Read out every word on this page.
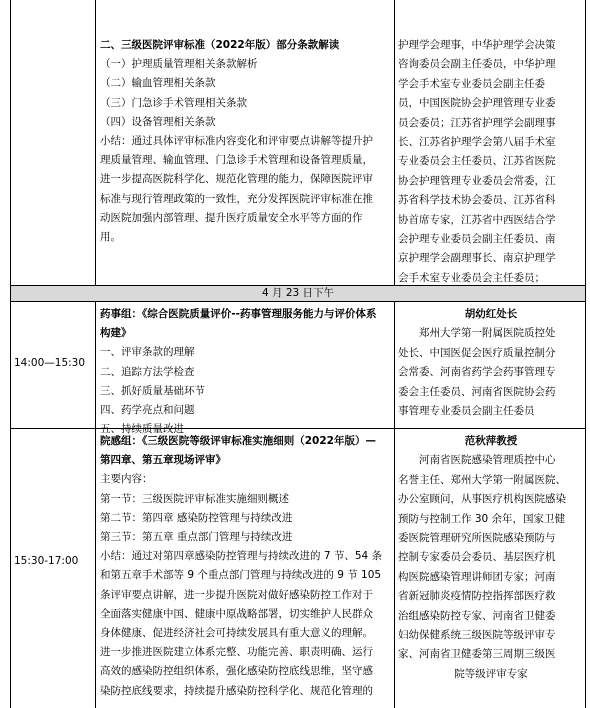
二、三级医院评审标准（2022年版）部分条款解读
（一）护理质量管理相关条款解析
（二）输血管理相关条款
（三）门急诊手术管理相关条款
（四）设备管理相关条款
小结：通过具体评审标准内容变化和评审要点讲解等提升护
理质量管理、输血管理、门急诊手术管理和设备管理质量，
进一步提高医院科学化、规范化管理的能力，保障医院评审
标准与现行管理政策的一致性，充分发挥医院评审标准在推
动医院加强内部管理、提升医疗质量安全水平等方面的作
用。
护理学会理事，中华护理学会决策
咨询委员会副主任委员，中华护理
学会手术室专业委员会副主任委
员，中国医院协会护理管理专业委
员会委员；江苏省护理学会副理事
长、江苏省护理学会第八届手术室
专业委员会主任委员、江苏省医院
协会护理管理专业委员会常委，江
苏省科学技术协会委员、江苏省科
协首席专家，江苏省中西医结合学
会护理专业委员会副主任委员、南
京护理学会副理事长、南京护理学
会手术室专业委员会主任委员；
4 月 23 日下午
14:00—15:30
药事组：《综合医院质量评价--药事管理服务能力与评价体系
构建》
一、评审条款的理解
二、追踪方法学检查
三、抓好质量基础环节
四、药学亮点和问题
五、持续质量改进
胡幼红处长
郑州大学第一附属医院质控处
处长、中国医促会医疗质量控制分
会常委、河南省药学会药事管理专
委会主任委员、河南省医院协会药
事管理专业委员会副主任委员
15:30-17:00
院感组：《三级医院等级评审标准实施细则（2022年版）—
第四章、第五章现场评审》
主要内容：
第一节：三级医院评审标准实施细则概述
第二节：第四章 感染防控管理与持续改进
第三节：第五章 重点部门管理与持续改进
小结：通过对第四章感染防控管理与持续改进的 7 节、54 条
和第五章手术部等 9 个重点部门管理与持续改进的 9 节 105
条评审要点讲解，进一步提升医院对做好感染防控工作对于
全面落实健康中国、健康中原战略部署，切实维护人民群众
身体健康、促进经济社会可持续发展具有重大意义的理解。
进一步推进医院建立体系完整、功能完善、职责明确、运行
高效的感染防控组织体系，强化感染防控底线思维，坚守感
染防控底线要求，持续提升感染防控科学化、规范化管理的
范秋萍教授
河南省医院感染管理质控中心
名誉主任、郑州大学第一附属医院、
办公室顾问，从事医疗机构医院感染
预防与控制工作 30 余年，国家卫健
委医院管理研究所医院感染预防与
控制专家委员会委员、基层医疗机
构医院感染管理讲师团专家；河南
省新冠肺炎疫情防控指挥部医疗救
治组感染防控专家、河南省卫健委
妇幼保健系统三级医院等级评审专
家、河南省卫健委第三周期三级医
院等级评审专家
